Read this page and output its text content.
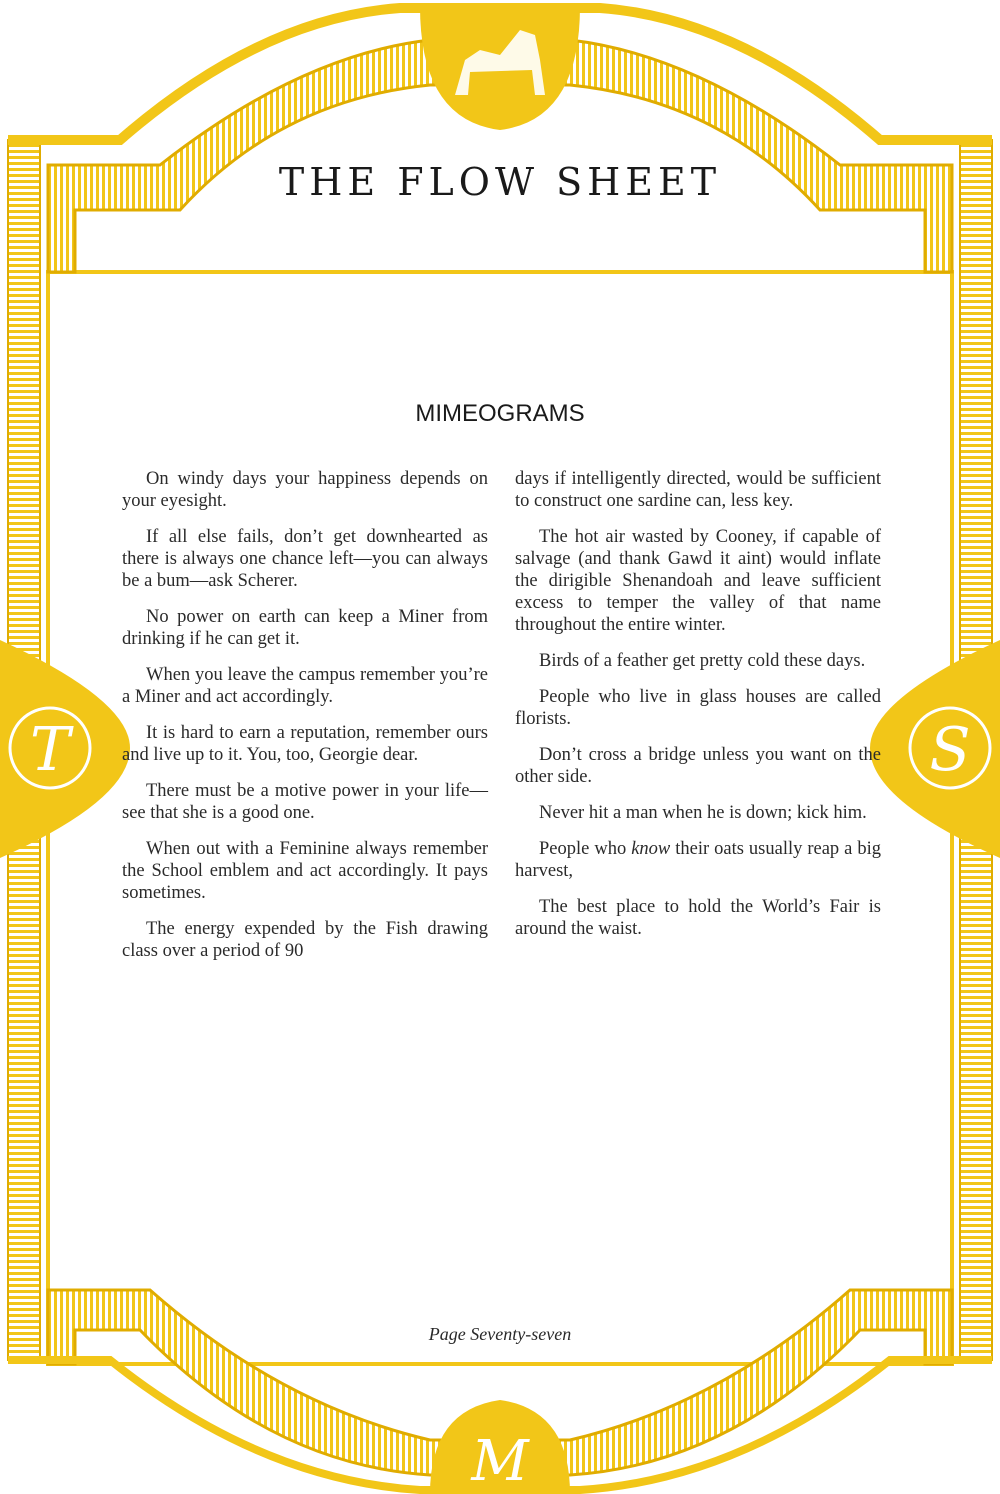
T	S
M
THE FLOW SHEET
MIMEOGRAMS

On windy days your happiness depends on your eyesight.

If all else fails, don’t get downhearted as there is always one chance left—you can always be a bum—ask Scherer.

No power on earth can keep a Miner from drinking if he can get it.

When you leave the campus remember you’re a Miner and act accordingly.

It is hard to earn a reputation, remember ours and live up to it. You, too, Georgie dear.

There must be a motive power in your life—see that she is a good one.

When out with a Feminine always remember the School emblem and act accordingly. It pays sometimes.

The energy expended by the Fish drawing class over a period of 90

days if intelligently directed, would be sufficient to construct one sardine can, less key.

The hot air wasted by Cooney, if capable of salvage (and thank Gawd it aint) would inflate the dirigible Shenandoah and leave sufficient excess to temper the valley of that name throughout the entire winter.

Birds of a feather get pretty cold these days.

People who live in glass houses are called florists.

Don’t cross a bridge unless you want on the other side.

Never hit a man when he is down; kick him.

People who know their oats usually reap a big harvest,

The best place to hold the World’s Fair is around the waist.

Page Seventy-seven
